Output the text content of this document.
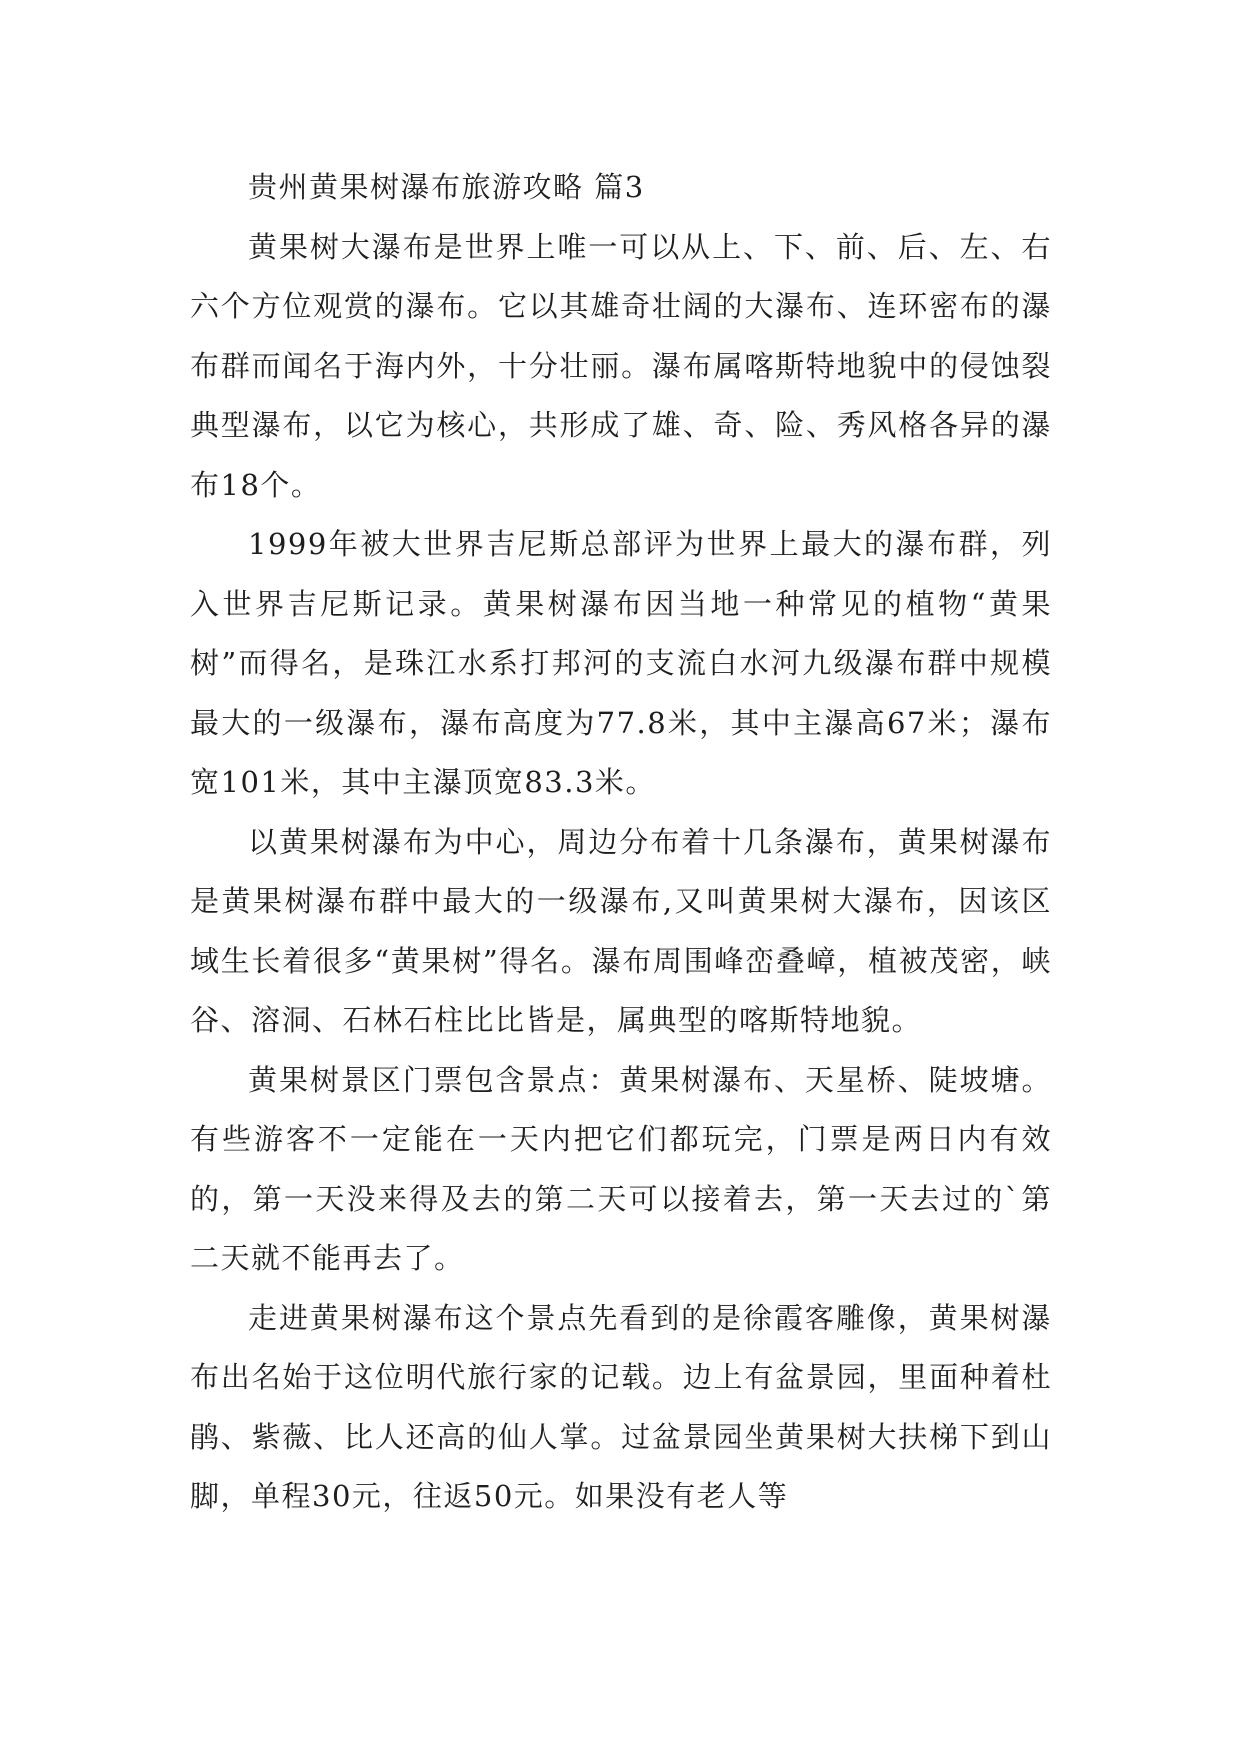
贵州黄果树瀑布旅游攻略 篇3

黄果树大瀑布是世界上唯一可以从上、下、前、后、左、右六个方位观赏的瀑布。它以其雄奇壮阔的大瀑布、连环密布的瀑布群而闻名于海内外，十分壮丽。瀑布属喀斯特地貌中的侵蚀裂典型瀑布，以它为核心，共形成了雄、奇、险、秀风格各异的瀑布18个。

1999年被大世界吉尼斯总部评为世界上最大的瀑布群，列入世界吉尼斯记录。黄果树瀑布因当地一种常见的植物“黄果树”而得名，是珠江水系打邦河的支流白水河九级瀑布群中规模最大的一级瀑布，瀑布高度为77.8米，其中主瀑高67米；瀑布宽101米，其中主瀑顶宽83.3米。

以黄果树瀑布为中心，周边分布着十几条瀑布，黄果树瀑布是黄果树瀑布群中最大的一级瀑布,又叫黄果树大瀑布，因该区域生长着很多“黄果树”得名。瀑布周围峰峦叠嶂，植被茂密，峡谷、溶洞、石林石柱比比皆是，属典型的喀斯特地貌。

黄果树景区门票包含景点：黄果树瀑布、天星桥、陡坡塘。有些游客不一定能在一天内把它们都玩完，门票是两日内有效的，第一天没来得及去的第二天可以接着去，第一天去过的`第二天就不能再去了。

走进黄果树瀑布这个景点先看到的是徐霞客雕像，黄果树瀑布出名始于这位明代旅行家的记载。边上有盆景园，里面种着杜鹃、紫薇、比人还高的仙人掌。过盆景园坐黄果树大扶梯下到山脚，单程30元，往返50元。如果没有老人等
